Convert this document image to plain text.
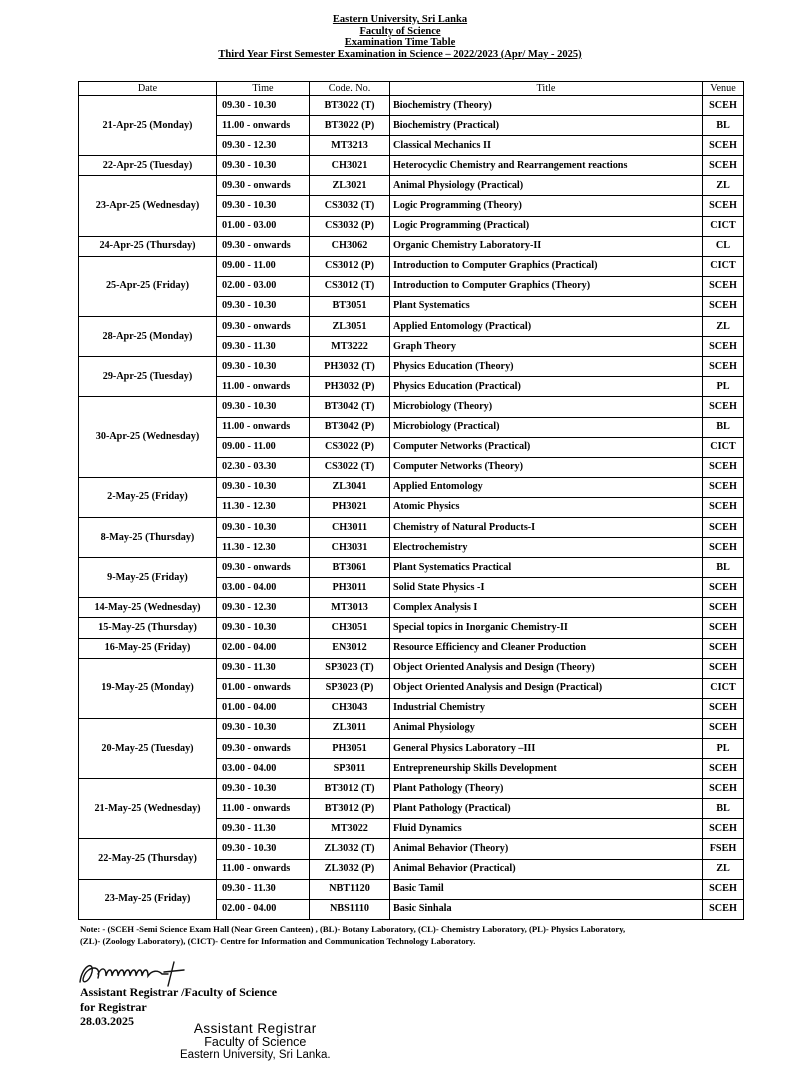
Eastern University, Sri Lanka
Faculty of Science
Examination Time Table
Third Year First Semester Examination in Science – 2022/2023 (Apr/ May - 2025)
Date	Time	Code. No.	Title	Venue
21-Apr-25 (Monday)	09.30 - 10.30	BT3022 (T)	Biochemistry (Theory)	SCEH
	11.00 - onwards	BT3022 (P)	Biochemistry (Practical)	BL
	09.30 - 12.30	MT3213	Classical Mechanics II	SCEH
22-Apr-25 (Tuesday)	09.30 - 10.30	CH3021	Heterocyclic Chemistry and Rearrangement reactions	SCEH
23-Apr-25 (Wednesday)	09.30 - onwards	ZL3021	Animal Physiology (Practical)	ZL
	09.30 - 10.30	CS3032 (T)	Logic Programming (Theory)	SCEH
	01.00 - 03.00	CS3032 (P)	Logic Programming (Practical)	CICT
24-Apr-25 (Thursday)	09.30 - onwards	CH3062	Organic Chemistry Laboratory-II	CL
25-Apr-25 (Friday)	09.00 - 11.00	CS3012 (P)	Introduction to Computer Graphics (Practical)	CICT
	02.00 - 03.00	CS3012 (T)	Introduction to Computer Graphics (Theory)	SCEH
	09.30 - 10.30	BT3051	Plant Systematics	SCEH
28-Apr-25 (Monday)	09.30 - onwards	ZL3051	Applied Entomology (Practical)	ZL
	09.30 - 11.30	MT3222	Graph Theory	SCEH
29-Apr-25 (Tuesday)	09.30 - 10.30	PH3032 (T)	Physics Education (Theory)	SCEH
	11.00 - onwards	PH3032 (P)	Physics Education (Practical)	PL
30-Apr-25 (Wednesday)	09.30 - 10.30	BT3042 (T)	Microbiology (Theory)	SCEH
	11.00 - onwards	BT3042 (P)	Microbiology (Practical)	BL
	09.00 - 11.00	CS3022 (P)	Computer Networks (Practical)	CICT
	02.30 - 03.30	CS3022 (T)	Computer Networks (Theory)	SCEH
2-May-25 (Friday)	09.30 - 10.30	ZL3041	Applied Entomology	SCEH
	11.30 - 12.30	PH3021	Atomic Physics	SCEH
8-May-25 (Thursday)	09.30 - 10.30	CH3011	Chemistry of Natural Products-I	SCEH
	11.30 - 12.30	CH3031	Electrochemistry	SCEH
9-May-25 (Friday)	09.30 - onwards	BT3061	Plant Systematics Practical	BL
	03.00 - 04.00	PH3011	Solid State Physics -I	SCEH
14-May-25 (Wednesday)	09.30 - 12.30	MT3013	Complex Analysis I	SCEH
15-May-25 (Thursday)	09.30 - 10.30	CH3051	Special topics in Inorganic Chemistry-II	SCEH
16-May-25 (Friday)	02.00 - 04.00	EN3012	Resource Efficiency and Cleaner Production	SCEH
19-May-25 (Monday)	09.30 - 11.30	SP3023 (T)	Object Oriented Analysis and Design (Theory)	SCEH
	01.00 - onwards	SP3023 (P)	Object Oriented Analysis and Design (Practical)	CICT
	01.00 - 04.00	CH3043	Industrial Chemistry	SCEH
20-May-25 (Tuesday)	09.30 - 10.30	ZL3011	Animal Physiology	SCEH
	09.30 - onwards	PH3051	General Physics Laboratory –III	PL
	03.00 - 04.00	SP3011	Entrepreneurship Skills Development	SCEH
21-May-25 (Wednesday)	09.30 - 10.30	BT3012 (T)	Plant Pathology (Theory)	SCEH
	11.00 - onwards	BT3012 (P)	Plant Pathology (Practical)	BL
	09.30 - 11.30	MT3022	Fluid Dynamics	SCEH
22-May-25 (Thursday)	09.30 - 10.30	ZL3032 (T)	Animal Behavior (Theory)	FSEH
	11.00 - onwards	ZL3032 (P)	Animal Behavior (Practical)	ZL
23-May-25 (Friday)	09.30 - 11.30	NBT1120	Basic Tamil	SCEH
	02.00 - 04.00	NBS1110	Basic Sinhala	SCEH
Note: - (SCEH -Semi Science Exam Hall (Near Green Canteen) , (BL)- Botany Laboratory, (CL)- Chemistry Laboratory, (PL)- Physics Laboratory,
(ZL)- (Zoology Laboratory), (CICT)- Centre for Information and Communication Technology Laboratory.
Assistant Registrar /Faculty of Science
for Registrar
28.03.2025	Assistant Registrar
Faculty of Science
Eastern University, Sri Lanka.
